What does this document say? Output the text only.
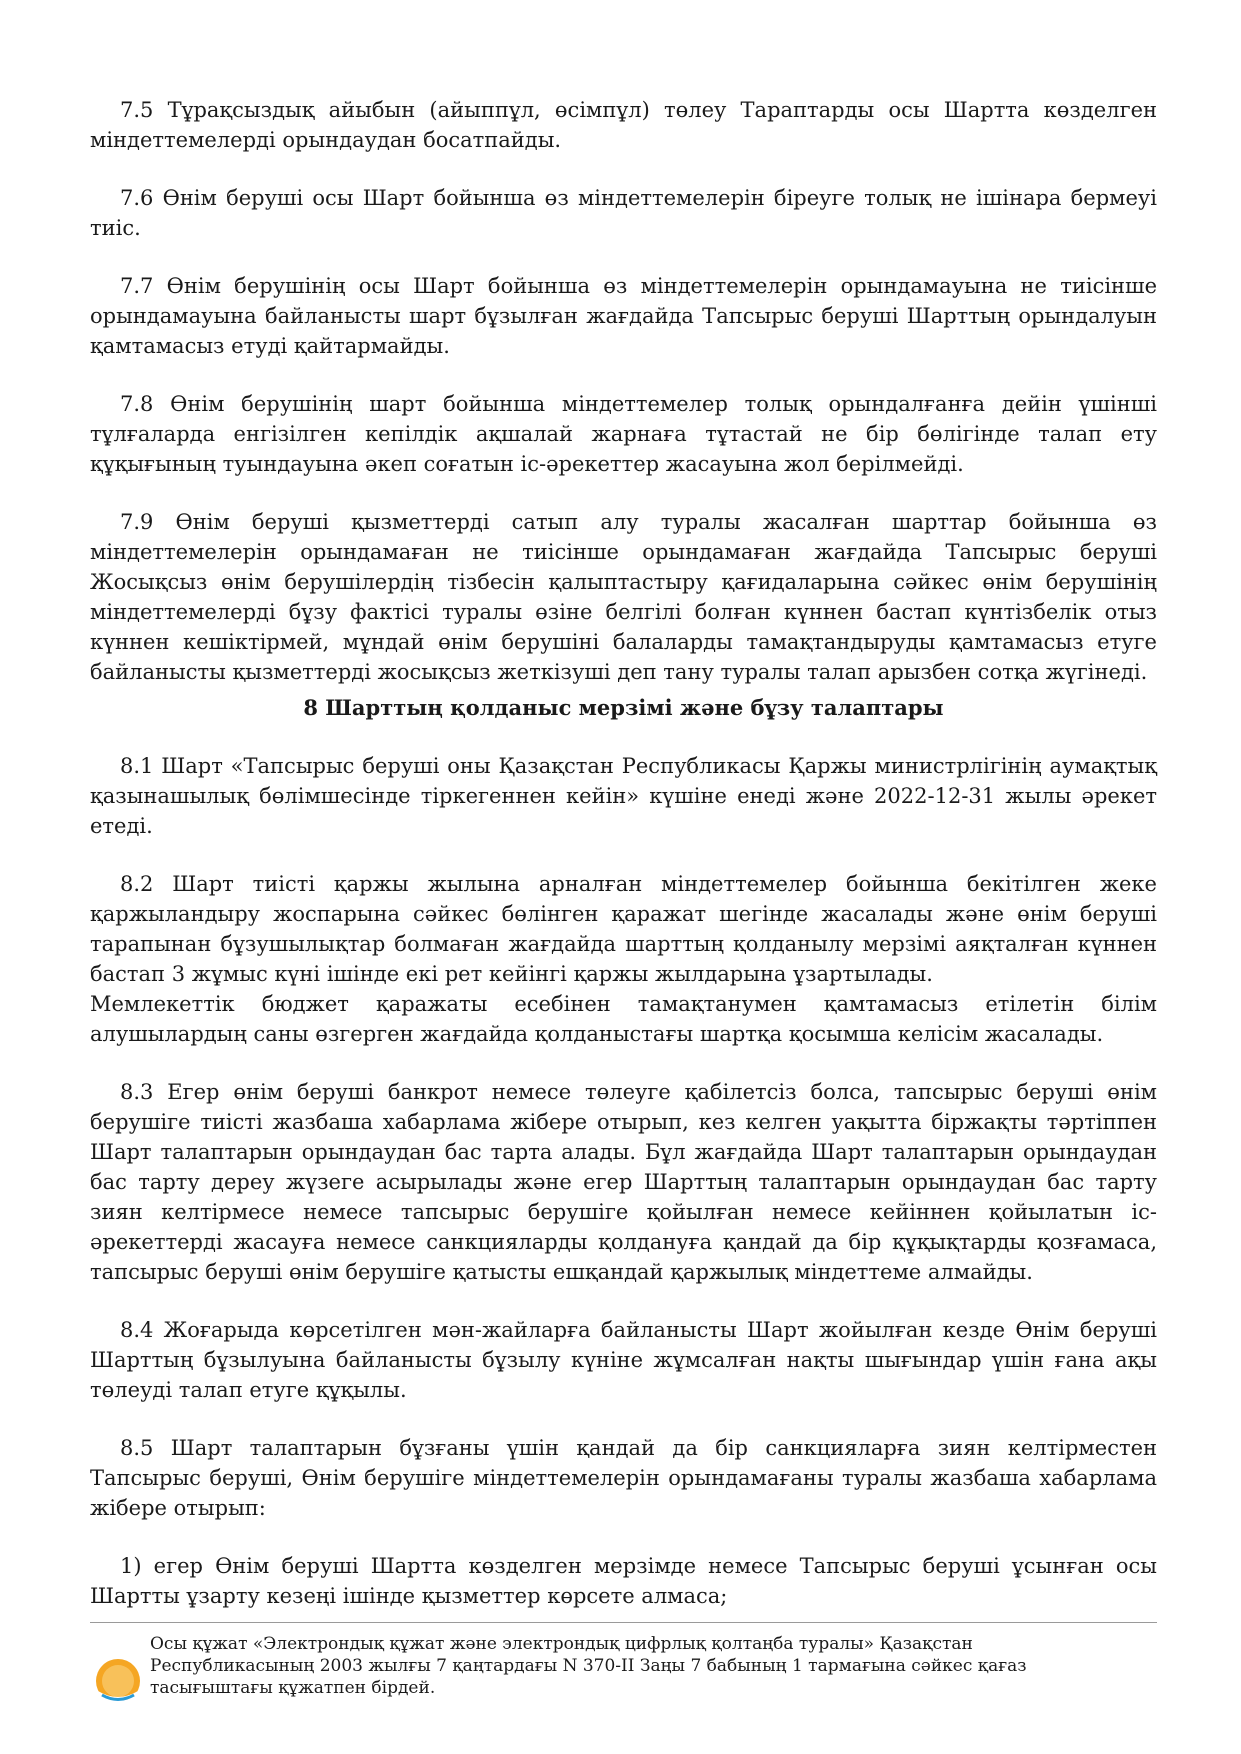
7.5 Тұрақсыздық айыбын (айыппұл, өсімпұл) төлеу Тараптарды осы Шартта көзделген міндеттемелерді орындаудан босатпайды.

7.6 Өнім беруші осы Шарт бойынша өз міндеттемелерін біреуге толық не ішінара бермеуі тиіс.

7.7 Өнім берушінің осы Шарт бойынша өз міндеттемелерін орындамауына не тиісінше орындамауына байланысты шарт бұзылған жағдайда Тапсырыс беруші Шарттың орындалуын қамтамасыз етуді қайтармайды.

7.8 Өнім берушінің шарт бойынша міндеттемелер толық орындалғанға дейін үшінші тұлғаларда енгізілген кепілдік ақшалай жарнаға тұтастай не бір бөлігінде талап ету құқығының туындауына әкеп соғатын іс-әрекеттер жасауына жол берілмейді.

7.9 Өнім беруші қызметтерді сатып алу туралы жасалған шарттар бойынша өз міндеттемелерін орындамаған не тиісінше орындамаған жағдайда Тапсырыс беруші Жосықсыз өнім берушілердің тізбесін қалыптастыру қағидаларына сәйкес өнім берушінің міндеттемелерді бұзу фактісі туралы өзіне белгілі болған күннен бастап күнтізбелік отыз күннен кешіктірмей, мұндай өнім берушіні балаларды тамақтандыруды қамтамасыз етуге байланысты қызметтерді жосықсыз жеткізуші деп тану туралы талап арызбен сотқа жүгінеді.

8 Шарттың қолданыс мерзімі және бұзу талаптары

8.1 Шарт «Тапсырыс беруші оны Қазақстан Республикасы Қаржы министрлігінің аумақтық қазынашылық бөлімшесінде тіркегеннен кейін» күшіне енеді және 2022-12-31 жылы әрекет етеді.

8.2 Шарт тиісті қаржы жылына арналған міндеттемелер бойынша бекітілген жеке қаржыландыру жоспарына сәйкес бөлінген қаражат шегінде жасалады және өнім беруші тарапынан бұзушылықтар болмаған жағдайда шарттың қолданылу мерзімі аяқталған күннен бастап 3 жұмыс күні ішінде екі рет кейінгі қаржы жылдарына ұзартылады.

Мемлекеттік бюджет қаражаты есебінен тамақтанумен қамтамасыз етілетін білім алушылардың саны өзгерген жағдайда қолданыстағы шартқа қосымша келісім жасалады.

8.3 Егер өнім беруші банкрот немесе төлеуге қабілетсіз болса, тапсырыс беруші өнім берушіге тиісті жазбаша хабарлама жібере отырып, кез келген уақытта біржақты тәртіппен Шарт талаптарын орындаудан бас тарта алады. Бұл жағдайда Шарт талаптарын орындаудан бас тарту дереу жүзеге асырылады және егер Шарттың талаптарын орындаудан бас тарту зиян келтірмесе немесе тапсырыс берушіге қойылған немесе кейіннен қойылатын іс-әрекеттерді жасауға немесе санкцияларды қолдануға қандай да бір құқықтарды қозғамаса, тапсырыс беруші өнім берушіге қатысты ешқандай қаржылық міндеттеме алмайды.

8.4 Жоғарыда көрсетілген мән-жайларға байланысты Шарт жойылған кезде Өнім беруші Шарттың бұзылуына байланысты бұзылу күніне жұмсалған нақты шығындар үшін ғана ақы төлеуді талап етуге құқылы.

8.5 Шарт талаптарын бұзғаны үшін қандай да бір санкцияларға зиян келтірместен Тапсырыс беруші, Өнім берушіге міндеттемелерін орындамағаны туралы жазбаша хабарлама жібере отырып:

1) егер Өнім беруші Шартта көзделген мерзімде немесе Тапсырыс беруші ұсынған осы Шартты ұзарту кезеңі ішінде қызметтер көрсете алмаса;

Осы құжат «Электрондық құжат және электрондық цифрлық қолтаңба туралы» Қазақстан
Республикасының 2003 жылғы 7 қаңтардағы N 370-II Заңы 7 бабының 1 тармағына сәйкес қағаз
тасығыштағы құжатпен бірдей.
